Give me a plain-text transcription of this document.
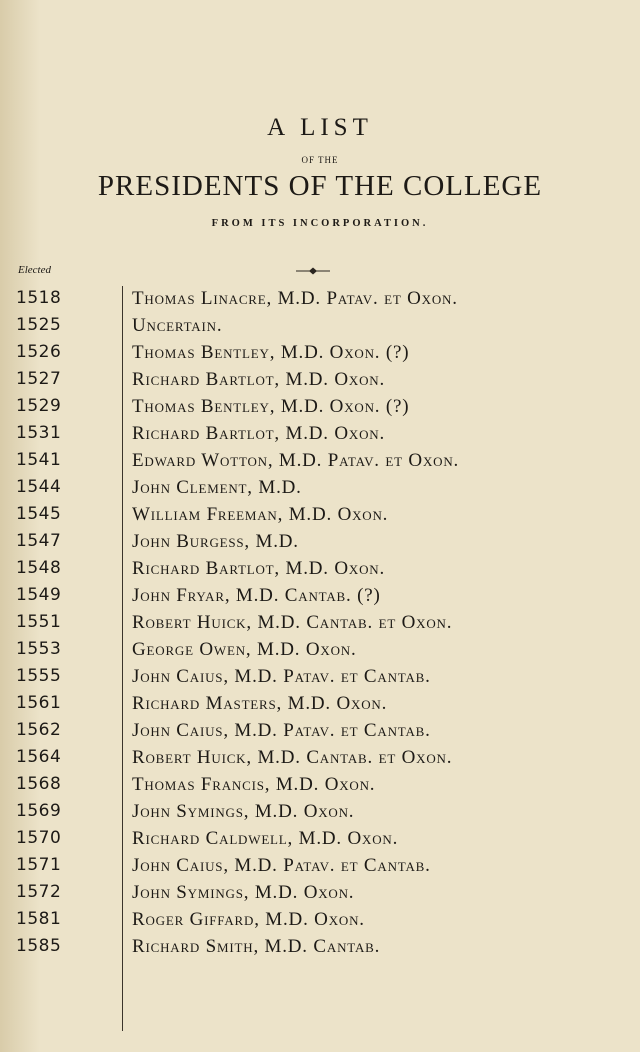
A LIST
OF THE
PRESIDENTS OF THE COLLEGE
FROM ITS INCORPORATION.
Elected
1518	Thomas Linacre, M.D. Patav. et Oxon.
1525	Uncertain.
1526	Thomas Bentley, M.D. Oxon. (?)
1527	Richard Bartlot, M.D. Oxon.
1529	Thomas Bentley, M.D. Oxon. (?)
1531	Richard Bartlot, M.D. Oxon.
1541	Edward Wotton, M.D. Patav. et Oxon.
1544	John Clement, M.D.
1545	William Freeman, M.D. Oxon.
1547	John Burgess, M.D.
1548	Richard Bartlot, M.D. Oxon.
1549	John Fryar, M.D. Cantab. (?)
1551	Robert Huick, M.D. Cantab. et Oxon.
1553	George Owen, M.D. Oxon.
1555	John Caius, M.D. Patav. et Cantab.
1561	Richard Masters, M.D. Oxon.
1562	John Caius, M.D. Patav. et Cantab.
1564	Robert Huick, M.D. Cantab. et Oxon.
1568	Thomas Francis, M.D. Oxon.
1569	John Symings, M.D. Oxon.
1570	Richard Caldwell, M.D. Oxon.
1571	John Caius, M.D. Patav. et Cantab.
1572	John Symings, M.D. Oxon.
1581	Roger Giffard, M.D. Oxon.
1585	Richard Smith, M.D. Cantab.
